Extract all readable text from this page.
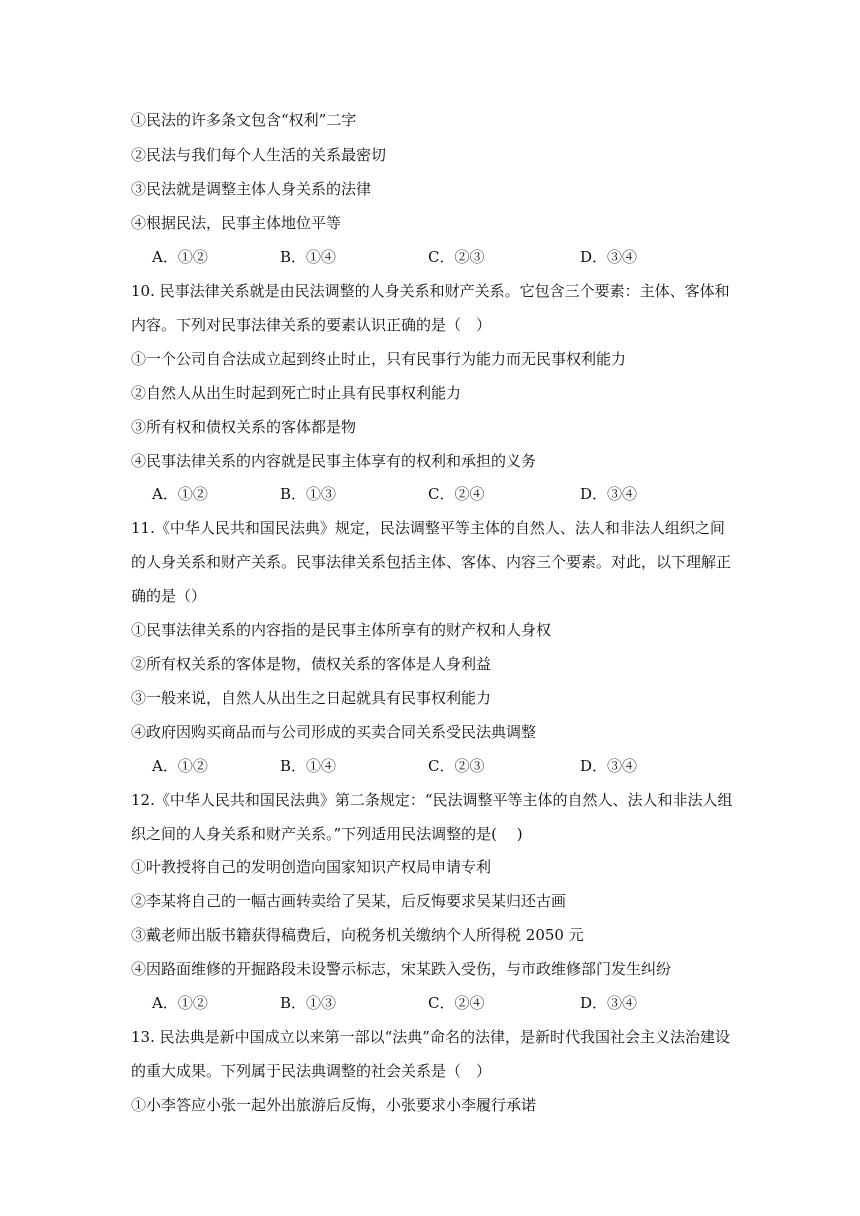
①民法的许多条文包含“权利”二字
②民法与我们每个人生活的关系最密切
③民法就是调整主体人身关系的法律
④根据民法，民事主体地位平等
A．①②	B．①④	C．②③	D．③④
10. 民事法律关系就是由民法调整的人身关系和财产关系。它包含三个要素：主体、客体和
内容。下列对民事法律关系的要素认识正确的是（　）
①一个公司自合法成立起到终止时止，只有民事行为能力而无民事权利能力
②自然人从出生时起到死亡时止具有民事权利能力
③所有权和债权关系的客体都是物
④民事法律关系的内容就是民事主体享有的权利和承担的义务
A．①②	B．①③	C．②④	D．③④
11.《中华人民共和国民法典》规定，民法调整平等主体的自然人、法人和非法人组织之间
的人身关系和财产关系。民事法律关系包括主体、客体、内容三个要素。对此，以下理解正
确的是（）
①民事法律关系的内容指的是民事主体所享有的财产权和人身权
②所有权关系的客体是物，债权关系的客体是人身利益
③一般来说，自然人从出生之日起就具有民事权利能力
④政府因购买商品而与公司形成的买卖合同关系受民法典调整
A．①②	B．①④	C．②③	D．③④
12.《中华人民共和国民法典》第二条规定：“民法调整平等主体的自然人、法人和非法人组
织之间的人身关系和财产关系。”下列适用民法调整的是(　 )
①叶教授将自己的发明创造向国家知识产权局申请专利
②李某将自己的一幅古画转卖给了吴某，后反悔要求吴某归还古画
③戴老师出版书籍获得稿费后，向税务机关缴纳个人所得税 2050 元
④因路面维修的开掘路段未设警示标志，宋某跌入受伤，与市政维修部门发生纠纷
A．①②	B．①③	C．②④	D．③④
13. 民法典是新中国成立以来第一部以“法典”命名的法律，是新时代我国社会主义法治建设
的重大成果。下列属于民法典调整的社会关系是（　）
①小李答应小张一起外出旅游后反悔，小张要求小李履行承诺
